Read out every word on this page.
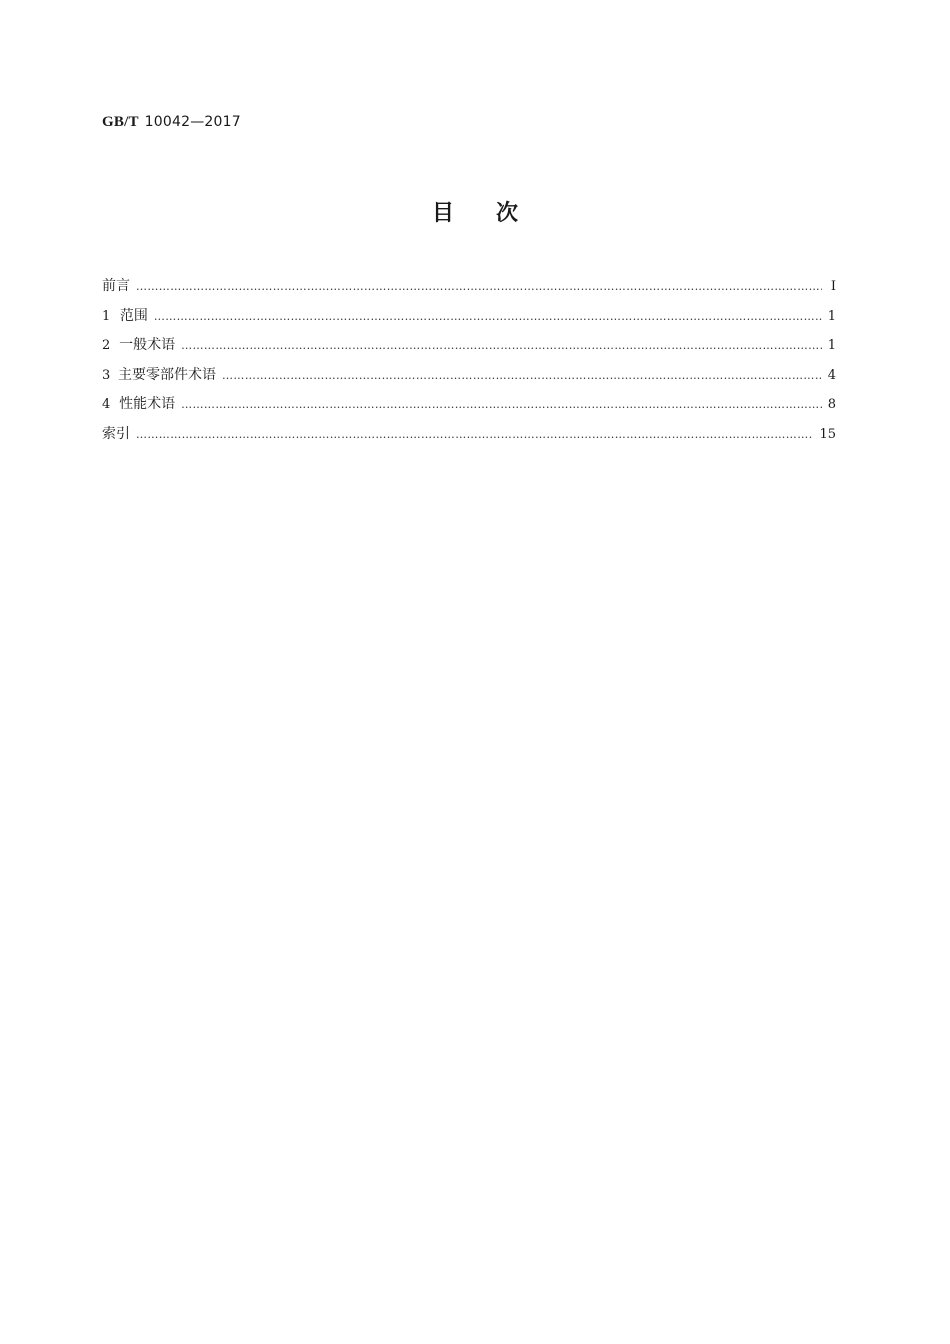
GB/T 10042—2017
目 次
前言 …………………………………………………………………………………………………………………………………………………………………………………………………………………………	Ⅰ
1 范围 …………………………………………………………………………………………………………………………………………………………………………………………………………………………	1
2 一般术语 …………………………………………………………………………………………………………………………………………………………………………………………………………………………	1
3 主要零部件术语 …………………………………………………………………………………………………………………………………………………………………………………………………………………………	4
4 性能术语 …………………………………………………………………………………………………………………………………………………………………………………………………………………………	8
索引 …………………………………………………………………………………………………………………………………………………………………………………………………………………………	15
